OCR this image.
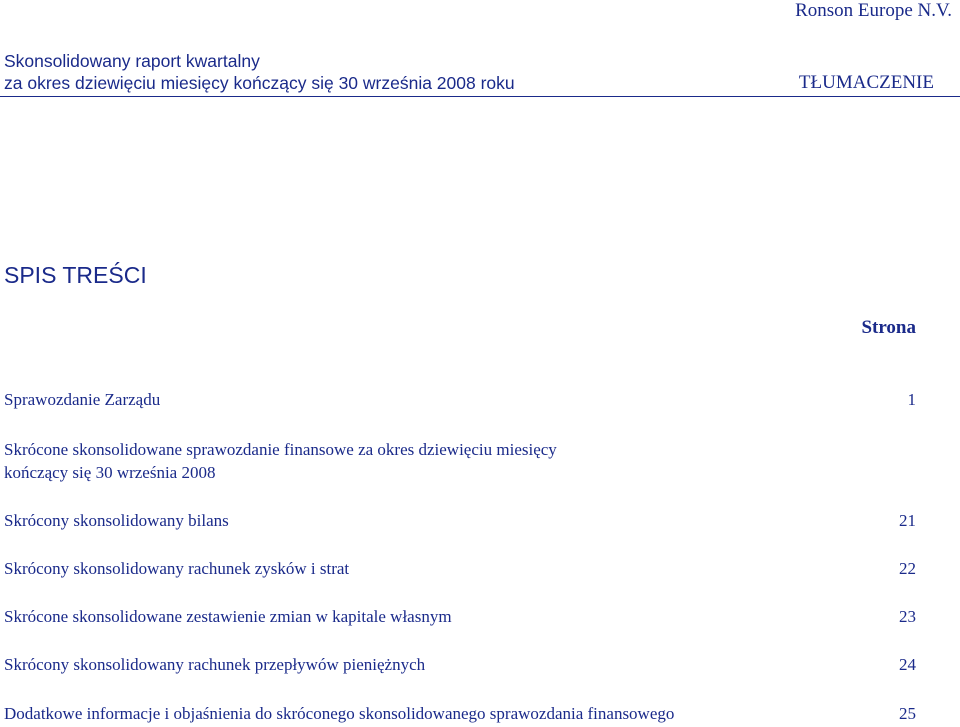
Ronson Europe N.V.
Skonsolidowany raport kwartalny
za okres dziewięciu miesięcy kończący się 30 września 2008 roku	TŁUMACZENIE
SPIS TREŚCI
Strona
Sprawozdanie Zarządu	1
Skrócone skonsolidowane sprawozdanie finansowe za okres dziewięciu miesięcy
kończący się 30 września 2008
Skrócony skonsolidowany bilans	21
Skrócony skonsolidowany rachunek zysków i strat	22
Skrócone skonsolidowane zestawienie zmian w kapitale własnym	23
Skrócony skonsolidowany rachunek przepływów pieniężnych	24
Dodatkowe informacje i objaśnienia do skróconego skonsolidowanego sprawozdania finansowego	25
